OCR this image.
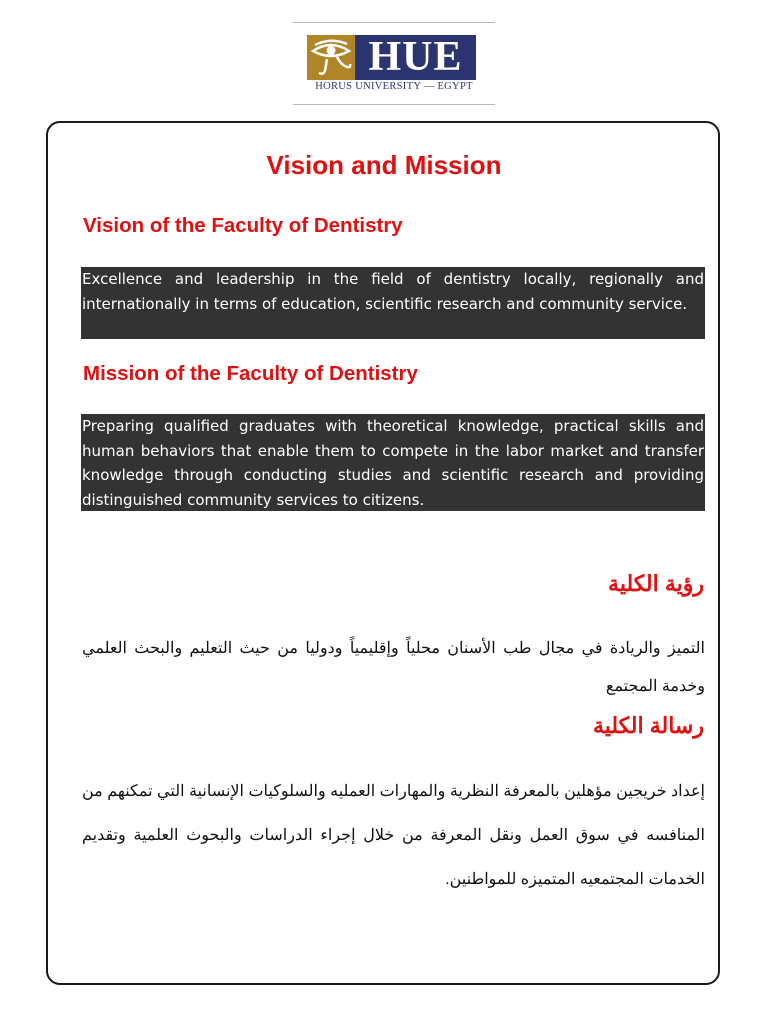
HUE
HORUS UNIVERSITY — EGYPT
Vision and Mission
Vision of the Faculty of Dentistry
Excellence and leadership in the field of dentistry locally, regionally and internationally in terms of education, scientific research and community service.
Mission of the Faculty of Dentistry
Preparing qualified graduates with theoretical knowledge, practical skills and human behaviors that enable them to compete in the labor market and transfer knowledge through conducting studies and scientific research and providing distinguished community services to citizens.
رؤية الكلية
التميز والريادة في مجال طب الأسنان محلياً وإقليمياً ودوليا من حيث التعليم والبحث العلمي وخدمة المجتمع
رسالة الكلية
إعداد خريجين مؤهلين بالمعرفة النظرية والمهارات العمليه والسلوكيات الإنسانية التي تمكنهم من المنافسه في سوق العمل ونقل المعرفة من خلال إجراء الدراسات والبحوث العلمية وتقديم الخدمات المجتمعيه المتميزه للمواطنين.
